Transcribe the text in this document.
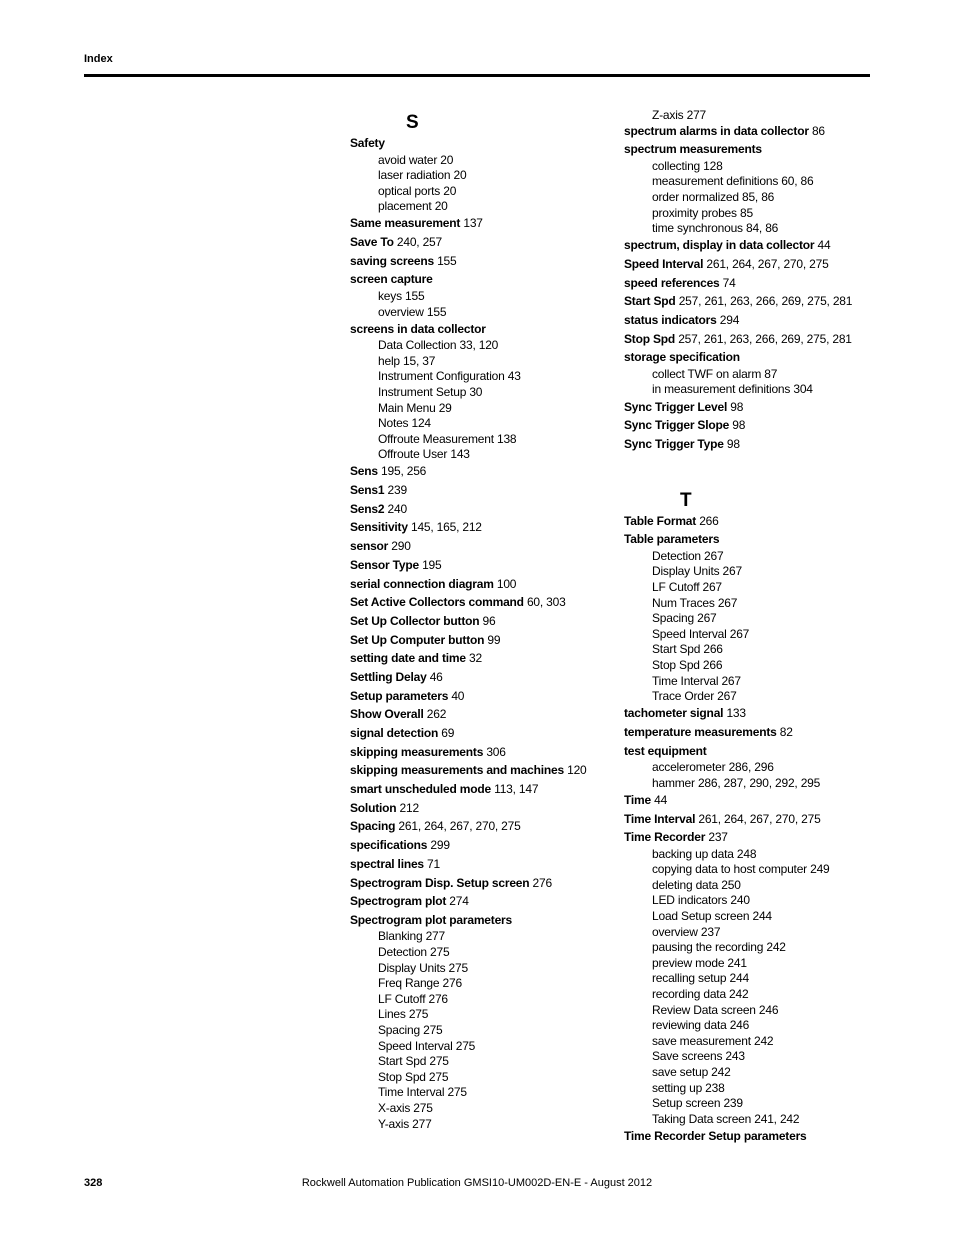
Index
S
Safety
avoid water 20
laser radiation 20
optical ports 20
placement 20
Same measurement 137
Save To 240, 257
saving screens 155
screen capture
keys 155
overview 155
screens in data collector
Data Collection 33, 120
help 15, 37
Instrument Configuration 43
Instrument Setup 30
Main Menu 29
Notes 124
Offroute Measurement 138
Offroute User 143
Sens 195, 256
Sens1 239
Sens2 240
Sensitivity 145, 165, 212
sensor 290
Sensor Type 195
serial connection diagram 100
Set Active Collectors command 60, 303
Set Up Collector button 96
Set Up Computer button 99
setting date and time 32
Settling Delay 46
Setup parameters 40
Show Overall 262
signal detection 69
skipping measurements 306
skipping measurements and machines 120
smart unscheduled mode 113, 147
Solution 212
Spacing 261, 264, 267, 270, 275
specifications 299
spectral lines 71
Spectrogram Disp. Setup screen 276
Spectrogram plot 274
Spectrogram plot parameters
Blanking 277
Detection 275
Display Units 275
Freq Range 276
LF Cutoff 276
Lines 275
Spacing 275
Speed Interval 275
Start Spd 275
Stop Spd 275
Time Interval 275
X-axis 275
Y-axis 277
Z-axis 277
spectrum alarms in data collector 86
spectrum measurements
collecting 128
measurement definitions 60, 86
order normalized 85, 86
proximity probes 85
time synchronous 84, 86
spectrum, display in data collector 44
Speed Interval 261, 264, 267, 270, 275
speed references 74
Start Spd 257, 261, 263, 266, 269, 275, 281
status indicators 294
Stop Spd 257, 261, 263, 266, 269, 275, 281
storage specification
collect TWF on alarm 87
in measurement definitions 304
Sync Trigger Level 98
Sync Trigger Slope 98
Sync Trigger Type 98
T
Table Format 266
Table parameters
Detection 267
Display Units 267
LF Cutoff 267
Num Traces 267
Spacing 267
Speed Interval 267
Start Spd 266
Stop Spd 266
Time Interval 267
Trace Order 267
tachometer signal 133
temperature measurements 82
test equipment
accelerometer 286, 296
hammer 286, 287, 290, 292, 295
Time 44
Time Interval 261, 264, 267, 270, 275
Time Recorder 237
backing up data 248
copying data to host computer 249
deleting data 250
LED indicators 240
Load Setup screen 244
overview 237
pausing the recording 242
preview mode 241
recalling setup 244
recording data 242
Review Data screen 246
reviewing data 246
save measurement 242
Save screens 243
save setup 242
setting up 238
Setup screen 239
Taking Data screen 241, 242
Time Recorder Setup parameters
328	Rockwell Automation Publication GMSI10-UM002D-EN-E - August 2012
